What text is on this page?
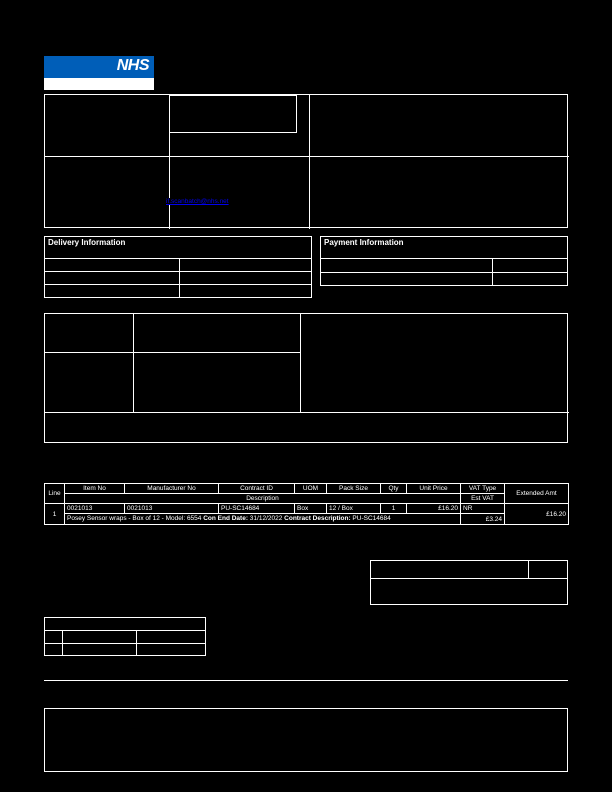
NHS
if.scanbatch@nhs.net
Delivery Information	Payment Information
Line	Item No	Manufacturer No	Contract ID	UOM	Pack Size	Qty	Unit Price	VAT Type	Extended Amt
	Description							Est VAT	
1	0021013	0021013	PU-SC14684	Box	12 / Box	1	£16.20	NR	£16.20
	Posey Sensor wraps - Box of 12 - Model: 6554 Con End Date: 31/12/2022 Contract Description: PU-SC14684							£3.24	
